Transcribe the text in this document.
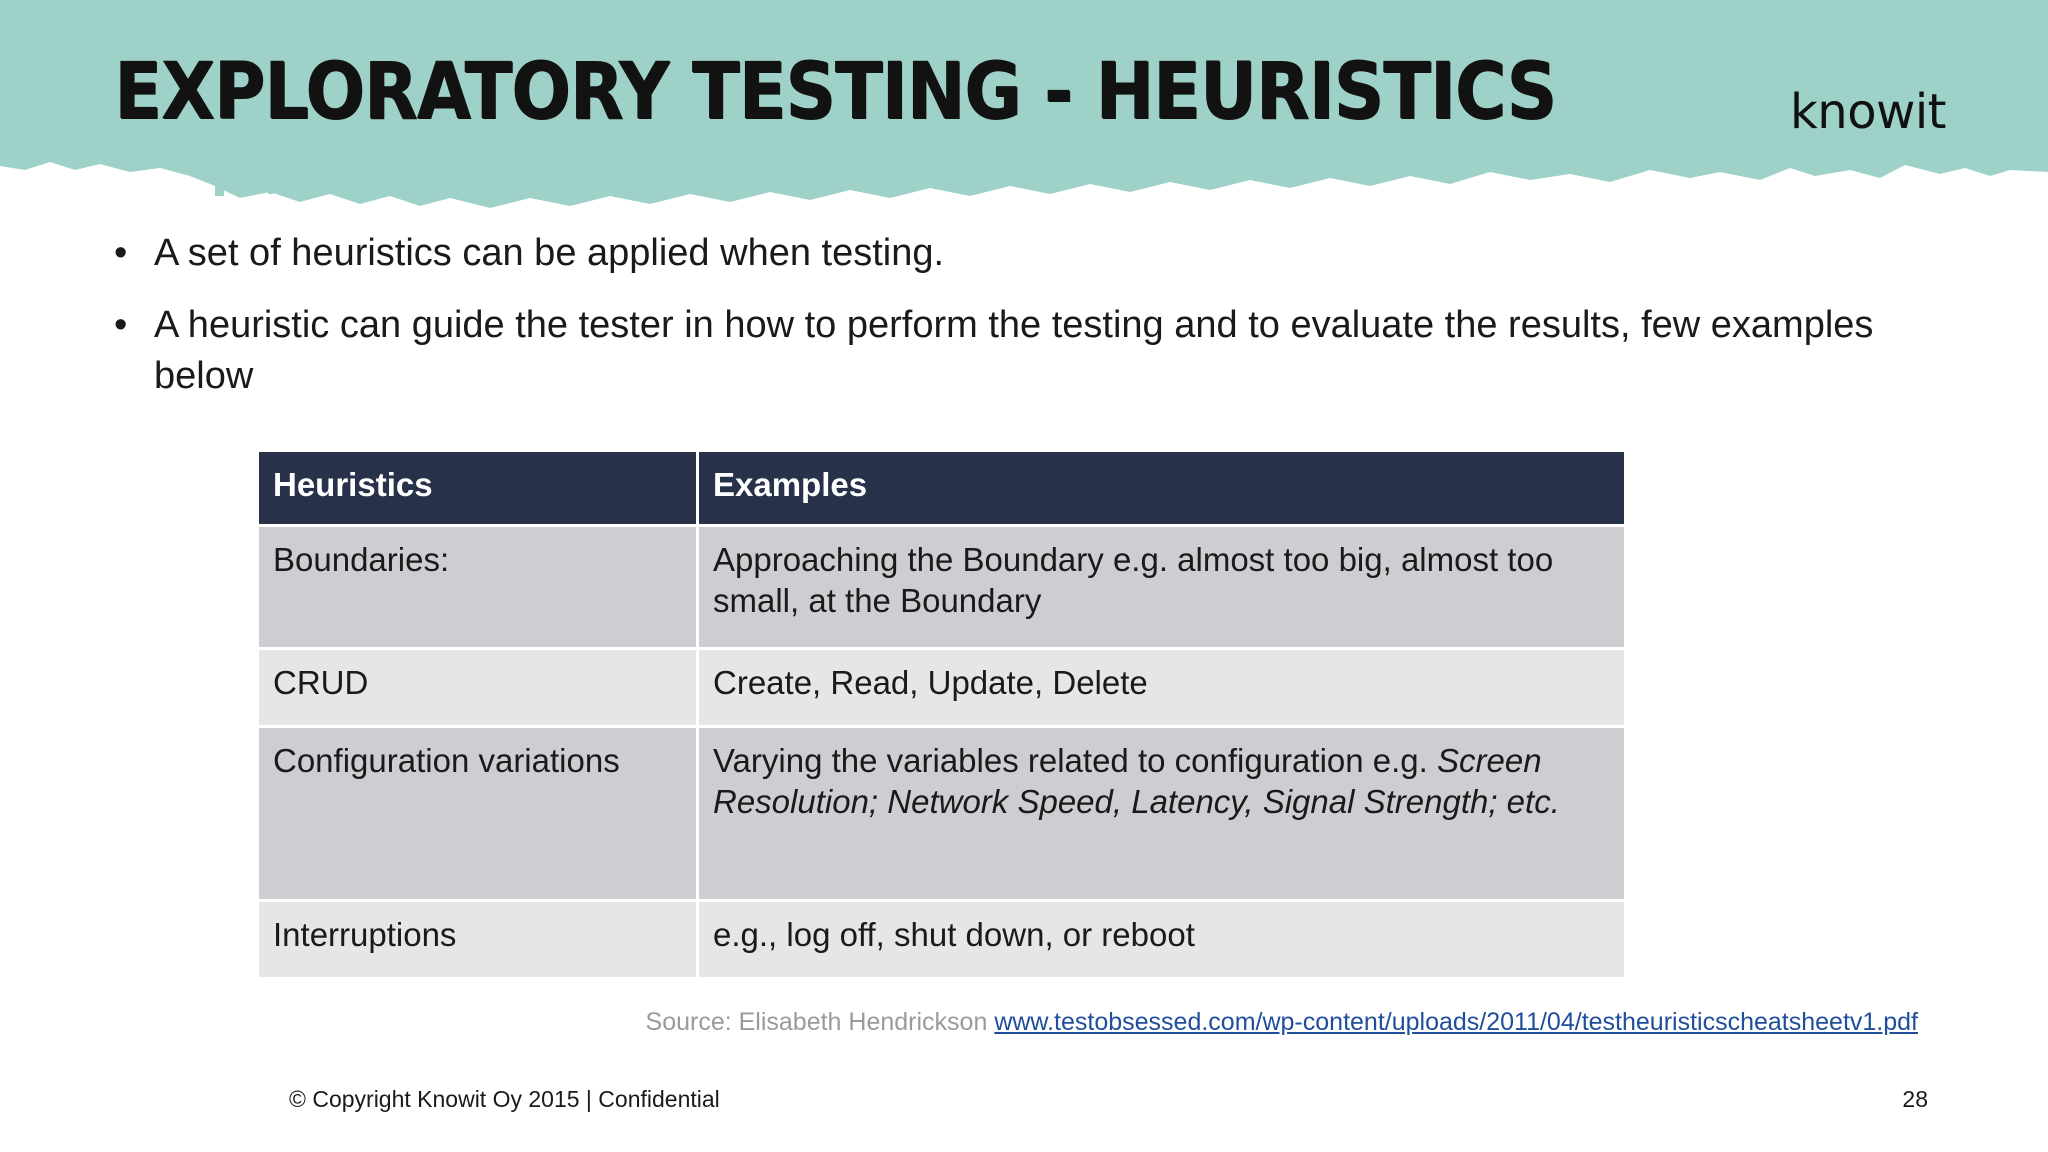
EXPLORATORY TESTING - HEURISTICS	knowit
• A set of heuristics can be applied when testing.
• A heuristic can guide the tester in how to perform the testing and to evaluate the results, few examples below
Heuristics	Examples
Boundaries:	Approaching the Boundary e.g. almost too big, almost too small, at the Boundary
CRUD	Create, Read, Update, Delete
Configuration variations	Varying the variables related to configuration e.g. Screen Resolution; Network Speed, Latency, Signal Strength; etc.
Interruptions	e.g., log off, shut down, or reboot
Source: Elisabeth Hendrickson www.testobsessed.com/wp-content/uploads/2011/04/testheuristicscheatsheetv1.pdf
© Copyright Knowit Oy 2015 | Confidential	28
